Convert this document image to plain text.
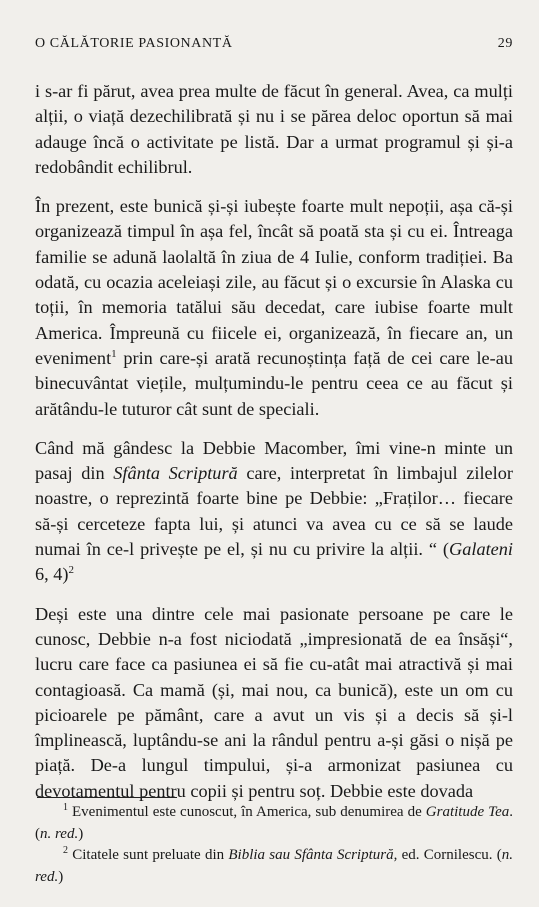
O CĂLĂTORIE PASIONANTĂ	29

i s-ar fi părut, avea prea multe de făcut în general. Avea, ca mulți alții, o viață dezechilibrată și nu i se părea deloc oportun să mai adauge încă o activitate pe listă. Dar a urmat programul și și-a redobândit echilibrul.

În prezent, este bunică și-și iubește foarte mult nepoții, așa că-și organizează timpul în așa fel, încât să poată sta și cu ei. Întreaga familie se adună laolaltă în ziua de 4 Iulie, conform tradiției. Ba odată, cu ocazia aceleiași zile, au făcut și o excursie în Alaska cu toții, în memoria tatălui său decedat, care iubise foarte mult America. Împreună cu fiicele ei, organizează, în fiecare an, un eveniment$^1$ prin care-și arată recunoștința față de cei care le-au binecuvântat viețile, mulțumindu-le pentru ceea ce au făcut și arătându-le tuturor cât sunt de speciali.

Când mă gândesc la Debbie Macomber, îmi vine-n minte un pasaj din Sfânta Scriptură care, interpretat în limbajul zilelor noastre, o reprezintă foarte bine pe Debbie: „Fraților… fiecare să-și cerceteze fapta lui, și atunci va avea cu ce să se laude numai în ce-l privește pe el, și nu cu privire la alții. “ (Galateni 6, 4)$^2$

Deși este una dintre cele mai pasionate persoane pe care le cunosc, Debbie n-a fost niciodată „impresionată de ea însăși“, lucru care face ca pasiunea ei să fie cu-atât mai atractivă și mai contagioasă. Ca mamă (și, mai nou, ca bunică), este un om cu picioarele pe pământ, care a avut un vis și a decis să și-l împlinească, luptându-se ani la rândul pentru a-și găsi o nișă pe piață. De-a lungul timpului, și-a armonizat pasiunea cu devotamentul pentru copii și pentru soț. Debbie este dovada

$^1$ Evenimentul este cunoscut, în America, sub denumirea de Gratitude Tea. (n. red.)

$^2$ Citatele sunt preluate din Biblia sau Sfânta Scriptură, ed. Cornilescu. (n. red.)
